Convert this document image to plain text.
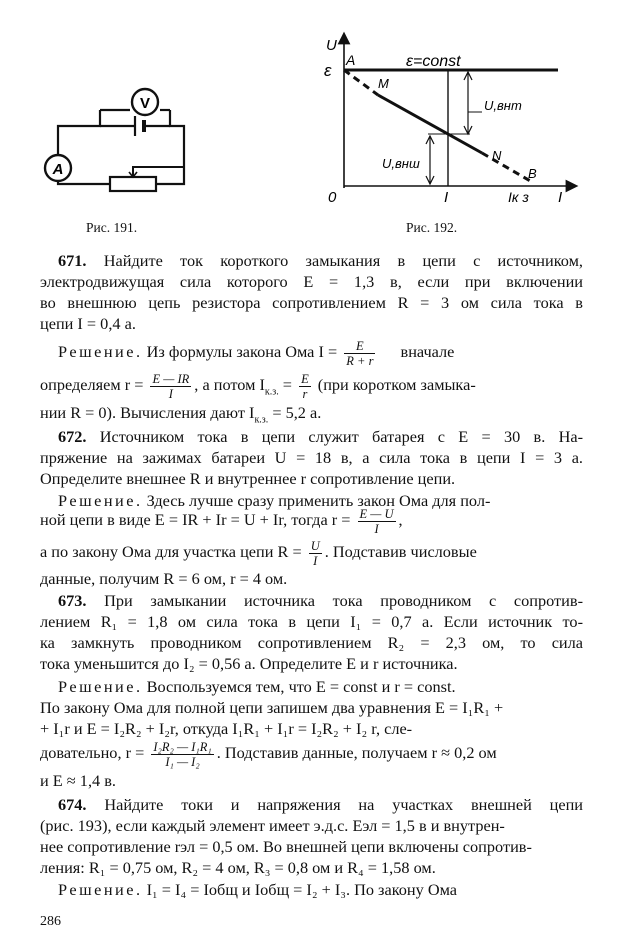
V
A
Рис. 191.
U
ε
A
M
N
B
0
ε=const
U,внт
U,внш
I	Iк з I
Рис. 192.
671. Найдите ток короткого замыкания в цепи с источником,
электродвижущая сила которого E = 1,3 в, если при включении
во внешнюю цепь резистора сопротивлением R = 3 ом сила тока в
цепи I = 0,4 а.
Решение. Из формулы закона Ома $I = \frac{E}{R + r}$ вначале
определяем $r = \frac{E — IR}{I}$ , а потом $I_{к.з.} = \frac{E}{r} (при$ коротком замыка-
нии R = 0). Вычисления дают $I_{к.з.} = 5,2$ а.
672. Источником тока в цепи служит батарея с E = 30 в. На-
пряжение на зажимах батареи U = 18 в, а сила тока в цепи I = 3 а.
Определите внешнее R и внутреннее r сопротивление цепи.
Решение. Здесь лучше сразу применить закон Ома для пол-
ной цепи в виде E = IR + Ir = U + Ir, тогда $r = \frac{E — U}{I}$ ,
а по закону Ома для участка цепи $R = \frac{U}{I}$ . Подставив числовые
данные, получим R = 6 ом, r = 4 ом.
673. При замыкании источника тока проводником с сопротив-
лением R₁ = 1,8 ом сила тока в цепи I₁ = 0,7 а. Если источник то-
ка замкнуть проводником сопротивлением R₂ = 2,3 ом, то сила
тока уменьшится до I₂ = 0,56 а. Определите E и r источника.
Решение. Воспользуемся тем, что E = const и r = const.
По закону Ома для полной цепи запишем два уравнения E = I₁R₁ +
+ I₁r и E = I₂R₂ + I₂r, откуда I₁R₁ + I₁r = I₂R₂ + I₂ r, сле-
довательно, $r = \frac{\text{I₂R₂ — I₁R₁}}{\text{I₁ — I₂}}$ . Подставив данные, получаем r ≈ 0,2 ом
и E ≈ 1,4 в.
674. Найдите токи и напряжения на участках внешней цепи
(рис. 193), если каждый элемент имеет э.д.с. Eэл = 1,5 в и внутрен-
нее сопротивление rэл = 0,5 ом. Во внешней цепи включены сопротив-
ления: R₁ = 0,75 ом, R₂ = 4 ом, R₃ = 0,8 ом и R₄ = 1,58 ом.
Решение. I₁ = I₄ = Iобщ и Iобщ = I₂ + I₃. По закону Ома
286
